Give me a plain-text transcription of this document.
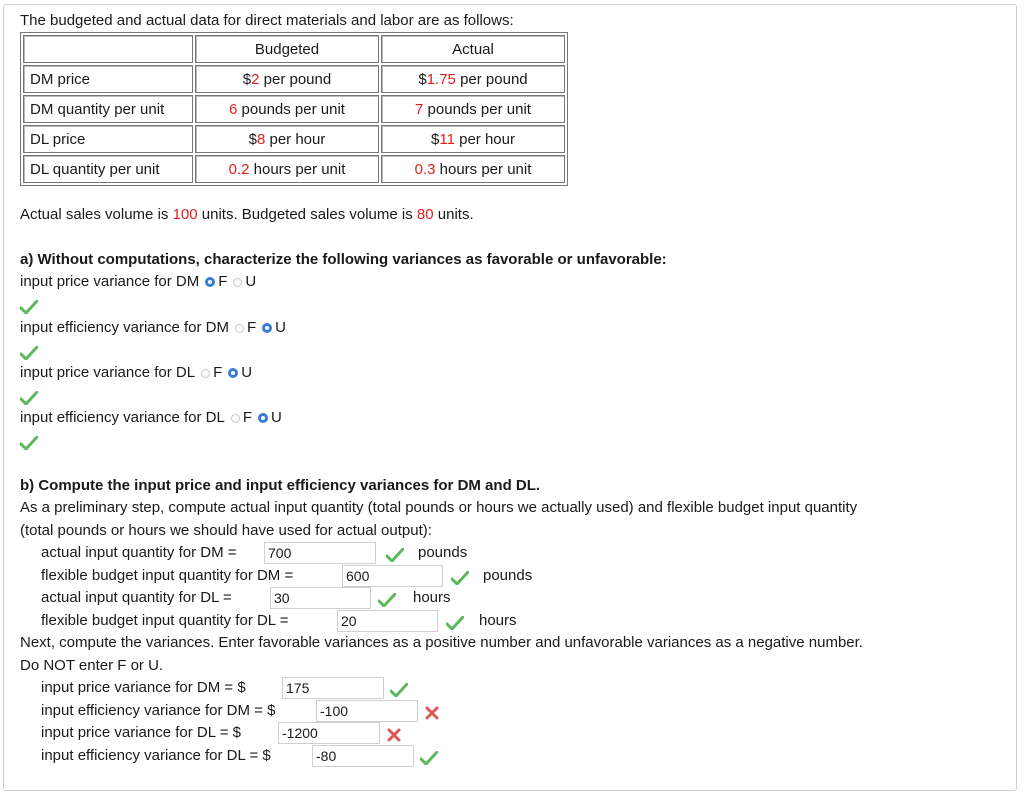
The budgeted and actual data for direct materials and labor are as follows:
	Budgeted	Actual
DM price	$2 per pound	$1.75 per pound
DM quantity per unit	6 pounds per unit	7 pounds per unit
DL price	$8 per hour	$11 per hour
DL quantity per unit	0.2 hours per unit	0.3 hours per unit
Actual sales volume is 100 units. Budgeted sales volume is 80 units.
a) Without computations, characterize the following variances as favorable or unfavorable:
input price variance for DM F U
input efficiency variance for DM F U
input price variance for DL F U
input efficiency variance for DL F U
b) Compute the input price and input efficiency variances for DM and DL.
As a preliminary step, compute actual input quantity (total pounds or hours we actually used) and flexible budget input quantity
(total pounds or hours we should have used for actual output):
actual input quantity for DM =
700	pounds
flexible budget input quantity for DM =
600	pounds
actual input quantity for DL =
30	hours
flexible budget input quantity for DL =
20	hours
Next, compute the variances. Enter favorable variances as a positive number and unfavorable variances as a negative number.
Do NOT enter F or U.
input price variance for DM = $
175
input efficiency variance for DM = $
-100
input price variance for DL = $
-1200
input efficiency variance for DL = $
-80
